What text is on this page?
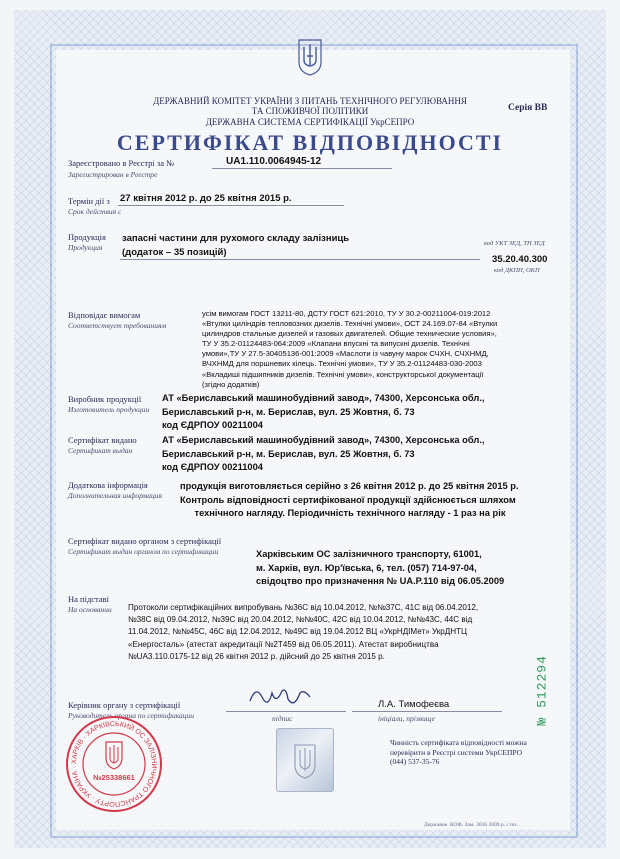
ДЕРЖАВНИЙ КОМІТЕТ УКРАЇНИ З ПИТАНЬ ТЕХНІЧНОГО РЕГУЛЮВАННЯ
ТА СПОЖИВЧОЇ ПОЛІТИКИ
ДЕРЖАВНА СИСТЕМА СЕРТИФІКАЦІЇ УкрСЕПРО
Серія ВВ
СЕРТИФІКАТ ВІДПОВІДНОСТІ
Зареєстровано в Реєстрі за №
Зарегистрирован в Реестре
UA1.110.0064945-12
Термін дії з
Срок действия с
27 квітня 2012 р. до 25 квітня 2015 р.
Продукція
Продукция
запасні частини для рухомого складу залізниць
(додаток – 35 позицій)
код УКТ ЗЕД, ТН ЗЕД
35.20.40.300
код ДКПП, ОКП
Відповідає вимогам
Соответствует требованиям
усім вимогам ГОСТ 13211-80, ДСТУ ГОСТ 621:2010, ТУ У 30.2-00211004-019:2012
«Втулки циліндрів тепловозних дизелів. Технічні умови», ОСТ 24.169.07-84 «Втулки
цилиндров стальные дизелей и газовых двигателей. Общие технические условия»,
ТУ У 35.2-01124483-064:2009 «Клапани впускні та випускні дизелів. Технічні
умови»,ТУ У 27.5-30405136-001:2009 «Маслоти із чавуну марок СЧХН, СЧХНМД,
ВЧХНМД для поршневих кілець. Технічні умови», ТУ У 35.2-01124483-030-2003
«Вкладиші підшипників дизелів. Технічні умови», конструкторської документації
(згідно додатків)
Виробник продукції
Изготовитель продукции
АТ «Бериславський машинобудівний завод», 74300, Херсонська обл.,
Бериславський р-н, м. Берислав, вул. 25 Жовтня, б. 73
код ЄДРПОУ 00211004
Сертифікат видано
Сертификат выдан
АТ «Бериславський машинобудівний завод», 74300, Херсонська обл.,
Бериславський р-н, м. Берислав, вул. 25 Жовтня, б. 73
код ЄДРПОУ 00211004
Додаткова інформація
Дополнительная информация
продукція виготовляється серійно з 26 квітня 2012 р. до 25 квітня 2015 р.
Контроль відповідності сертифікованої продукції здійснюється шляхом
технічного нагляду. Періодичність технічного нагляду - 1 раз на рік
Сертифікат видано органом з сертифікації
Сертификат выдан органом по сертификации	Харківським ОС залізничного транспорту, 61001,
м. Харків, вул. Юр'ївська, 6, тел. (057) 714-97-04,
свідоцтво про призначення № UA.P.110 від 06.05.2009
На підставі
На основании Протоколи сертифікаційних випробувань №36С від 10.04.2012, №№37С, 41С від 06.04.2012,
№38С від 09.04.2012, №39С від 20.04.2012, №№40С, 42С від 10.04.2012, №№43С, 44С від
11.04.2012, №№45С, 46С від 12.04.2012, №49С від 19.04.2012 ВЦ «УкрНДІМет» УкрДНТЦ
«Енергосталь» (атестат акредитації №2Т459 від 06.05.2011). Атестат виробництва
№UA3.110.0175-12 від 26 квітня 2012 р. дійсний до 25 квітня 2015 р.	№ 512294
Керівник органу з сертифікації
Руководитель органа по сертификации	підпис
Л.А. Тимофеєва
ініціали, прізвище
ХАРКІВ · ХАРКІВСЬКИЙ ОС ЗАЛІЗНИЧНОГО ТРАНСПОРТУ · УКРАЇНА ·
№25338661
Чинність сертифіката відповідності можна
перевірити в Реєстрі системи УкрСЕПРО
(044) 537-35-76
Державне. КОФ. Зам. 3036 2009 р. і тех.
